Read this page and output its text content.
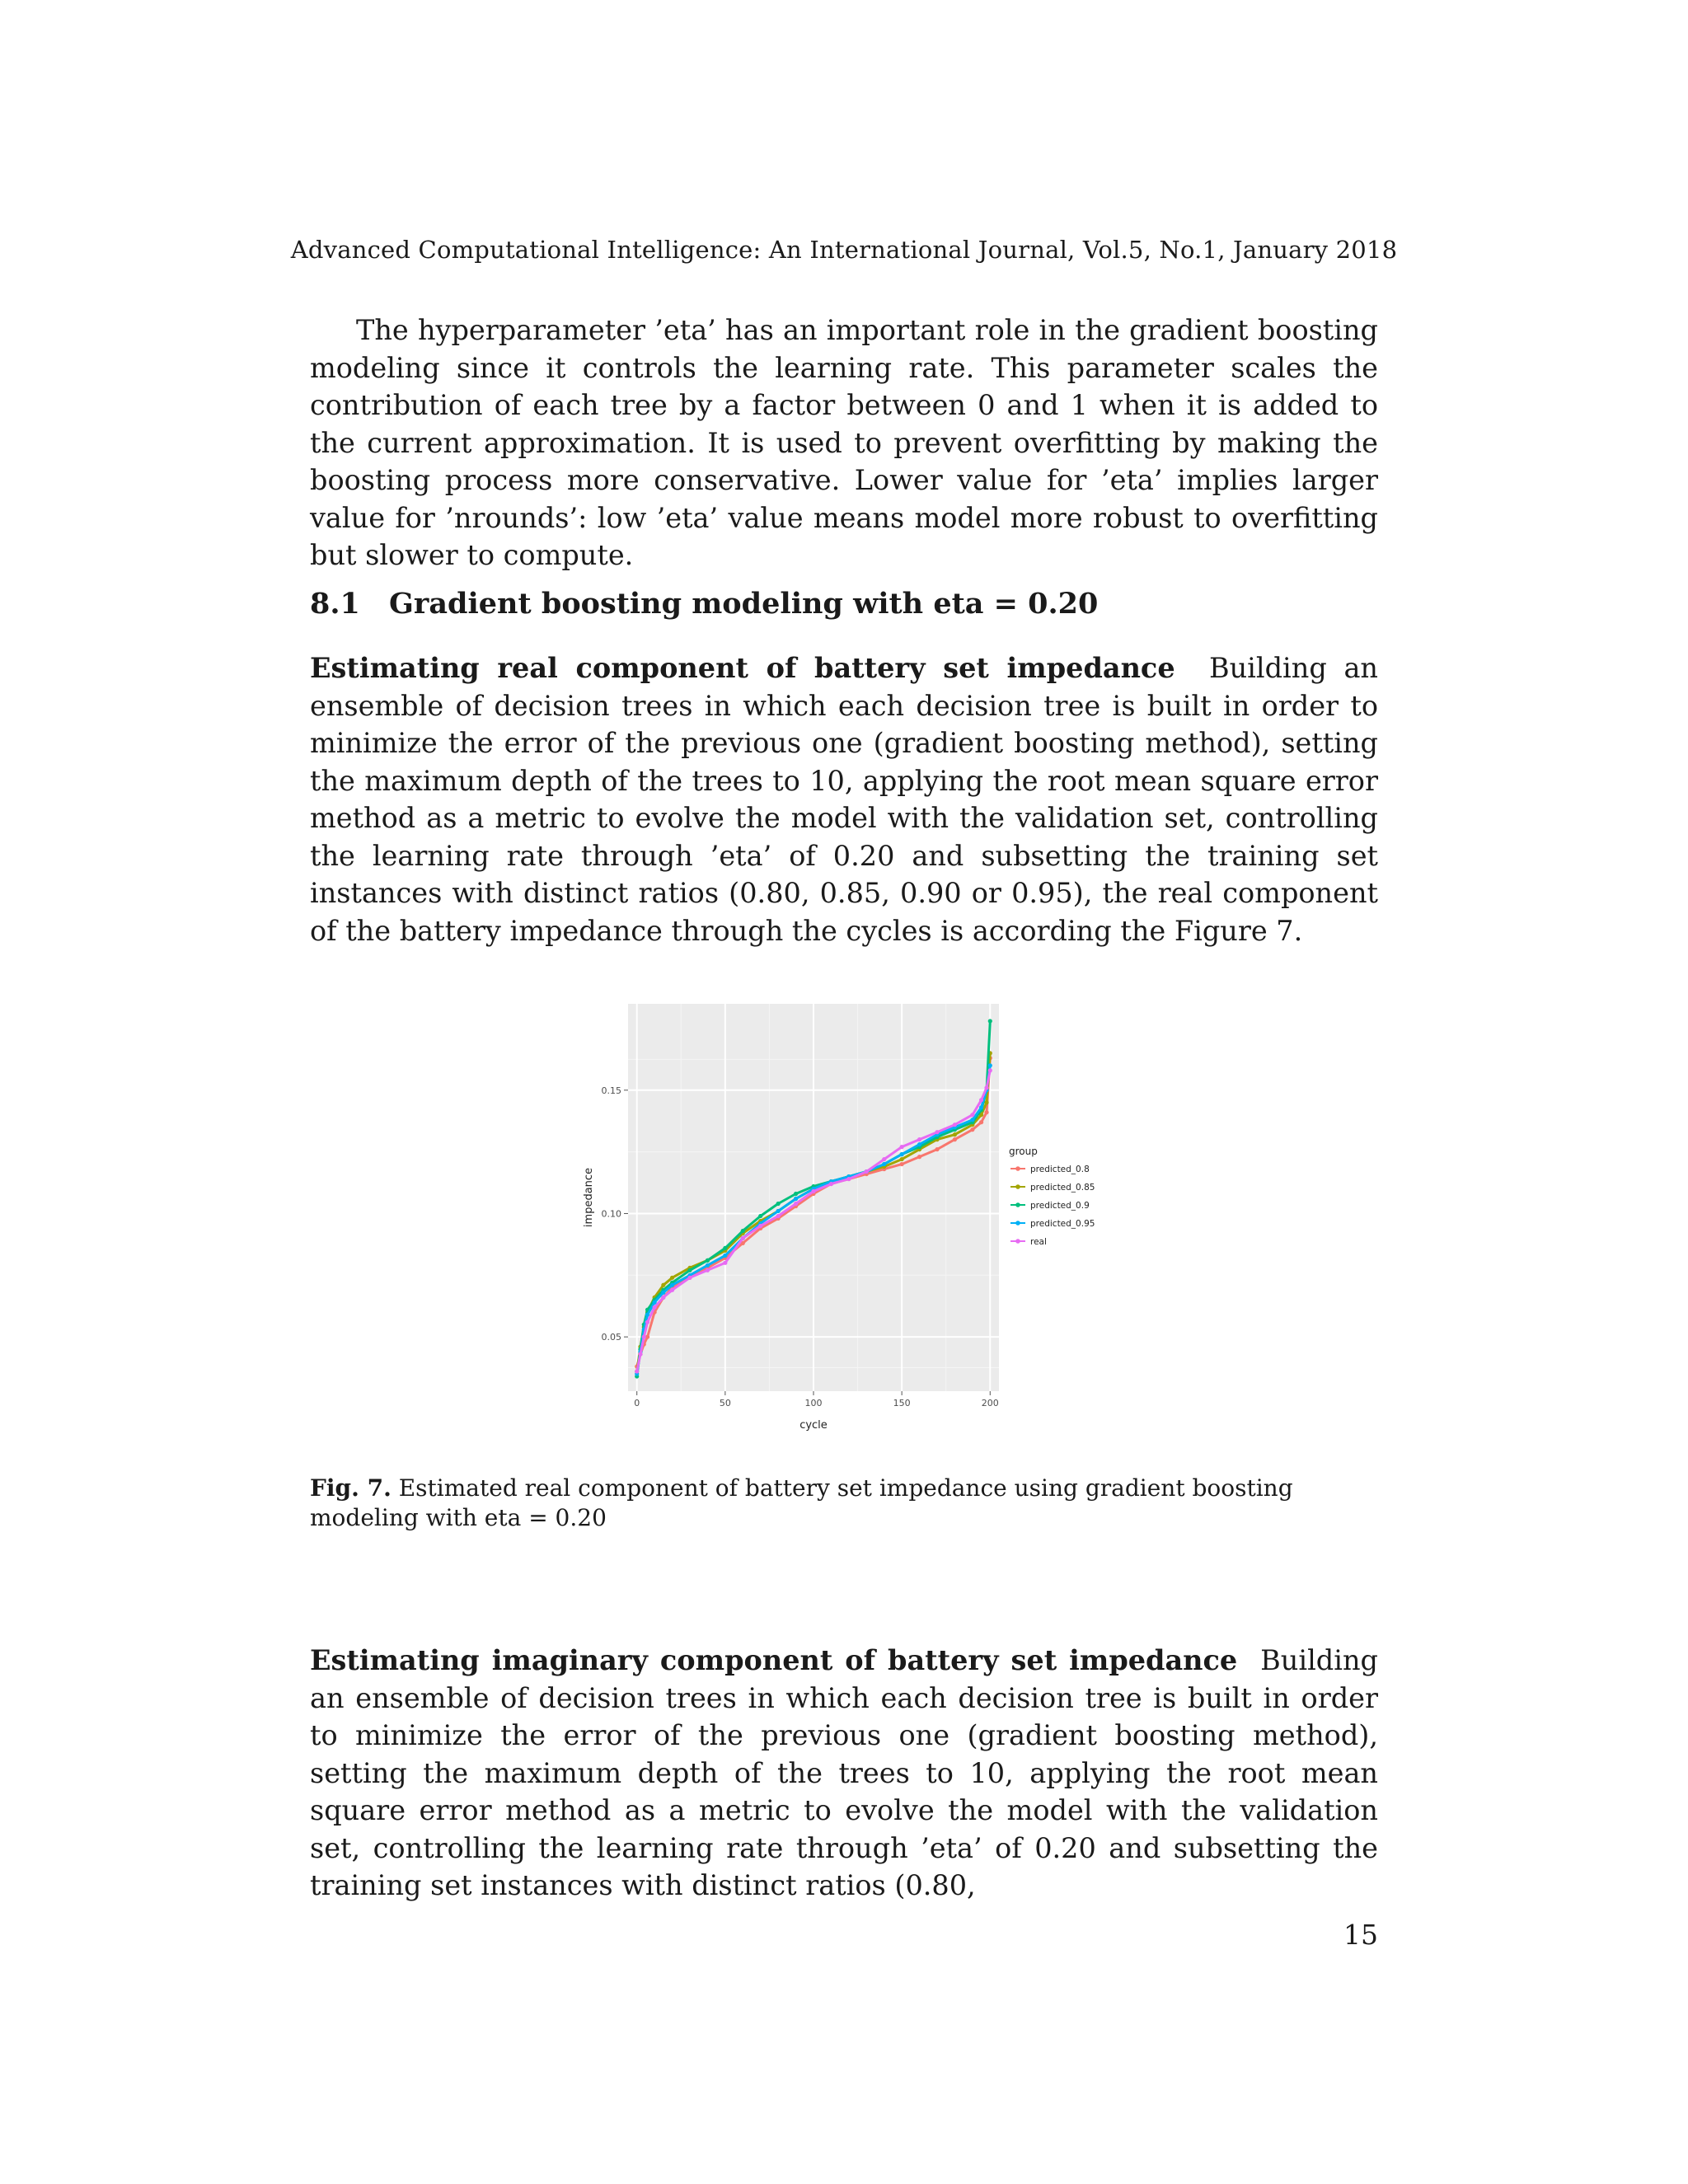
Advanced Computational Intelligence: An International Journal, Vol.5, No.1, January 2018

The hyperparameter ’eta’ has an important role in the gradient boosting modeling since it controls the learning rate. This parameter scales the contribution of each tree by a factor between 0 and 1 when it is added to the current approximation. It is used to prevent overfitting by making the boosting process more conservative. Lower value for ’eta’ implies larger value for ’nrounds’: low ’eta’ value means model more robust to overfitting but slower to compute.

8.1 Gradient boosting modeling with eta = 0.20

Estimating real component of battery set impedance Building an ensemble of decision trees in which each decision tree is built in order to minimize the error of the previous one (gradient boosting method), setting the maximum depth of the trees to 10, applying the root mean square error method as a metric to evolve the model with the validation set, controlling the learning rate through ’eta’ of 0.20 and subsetting the training set instances with distinct ratios (0.80, 0.85, 0.90 or 0.95), the real component of the battery impedance through the cycles is according the Figure 7.

0	50	100	150	200
0.05
0.10
0.15
cycle
impedance
group
predicted_0.8
predicted_0.85
predicted_0.9
predicted_0.95
real
Fig. 7. Estimated real component of battery set impedance using gradient boosting modeling with eta = 0.20

Estimating imaginary component of battery set impedance Building an ensemble of decision trees in which each decision tree is built in order to minimize the error of the previous one (gradient boosting method), setting the maximum depth of the trees to 10, applying the root mean square error method as a metric to evolve the model with the validation set, controlling the learning rate through ’eta’ of 0.20 and subsetting the training set instances with distinct ratios (0.80,

15
